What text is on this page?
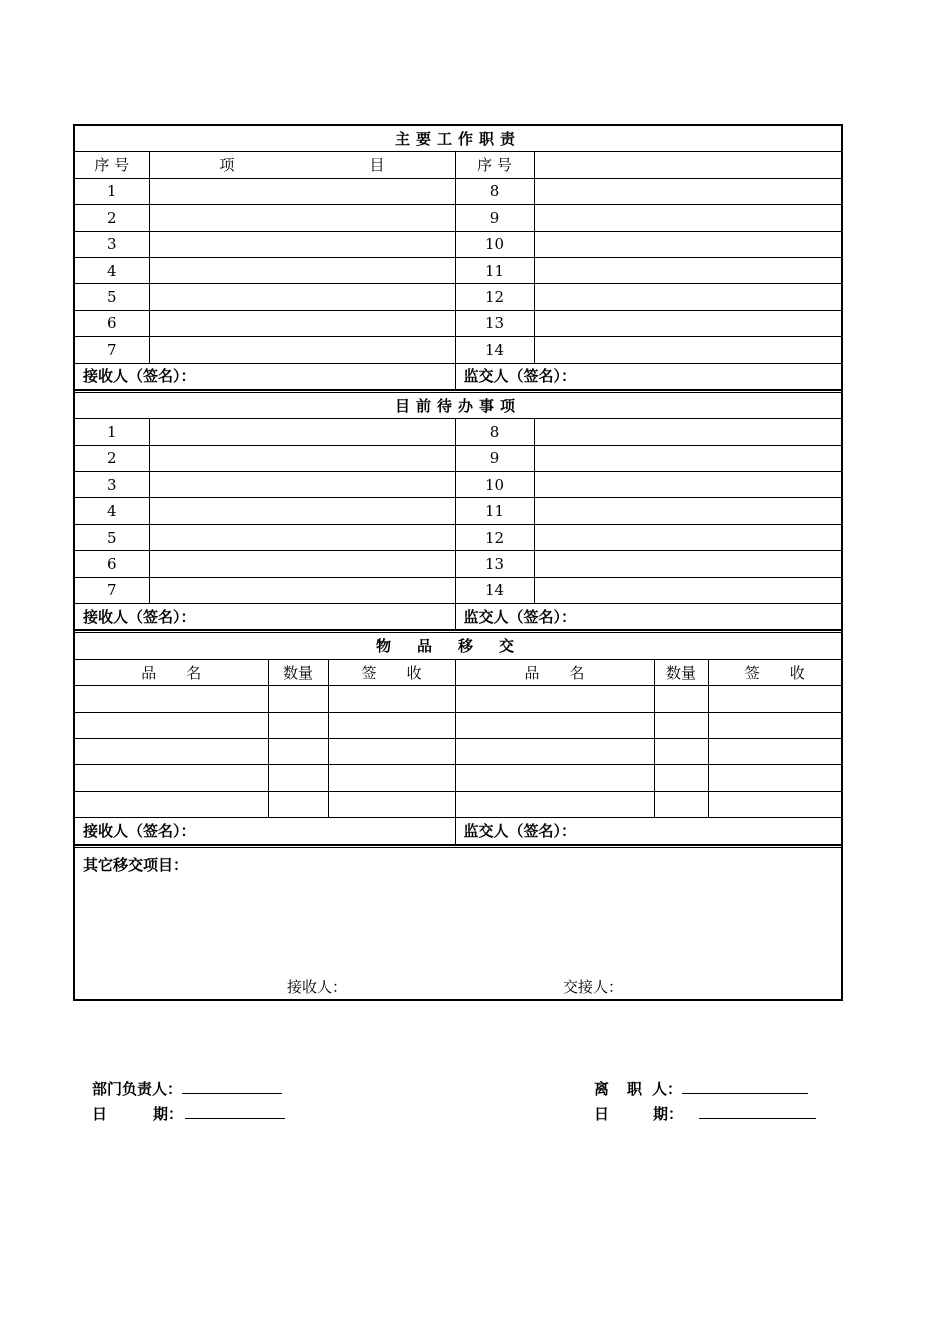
主要工作职责			
序 号	项　　　　　　　　　目	序 号	
1		8	
2		9	
3		10	
4		11	
5		12	
6		13	
7		14	
接收人（签名）：		监交人（签名）：	
目前待办事项			
1		8	
2		9	
3		10	
4		11	
5		12	
6		13	
7		14	
接收人（签名）：		监交人（签名）：	
物品移交					
品　　名	数量	签　　收	品　　名	数量	签　　收

接收人（签名）：			监交人（签名）：		
其它移交项目：
接收人：	交接人：
部门负责人：
日	期：
离 职 人：
日	期：
